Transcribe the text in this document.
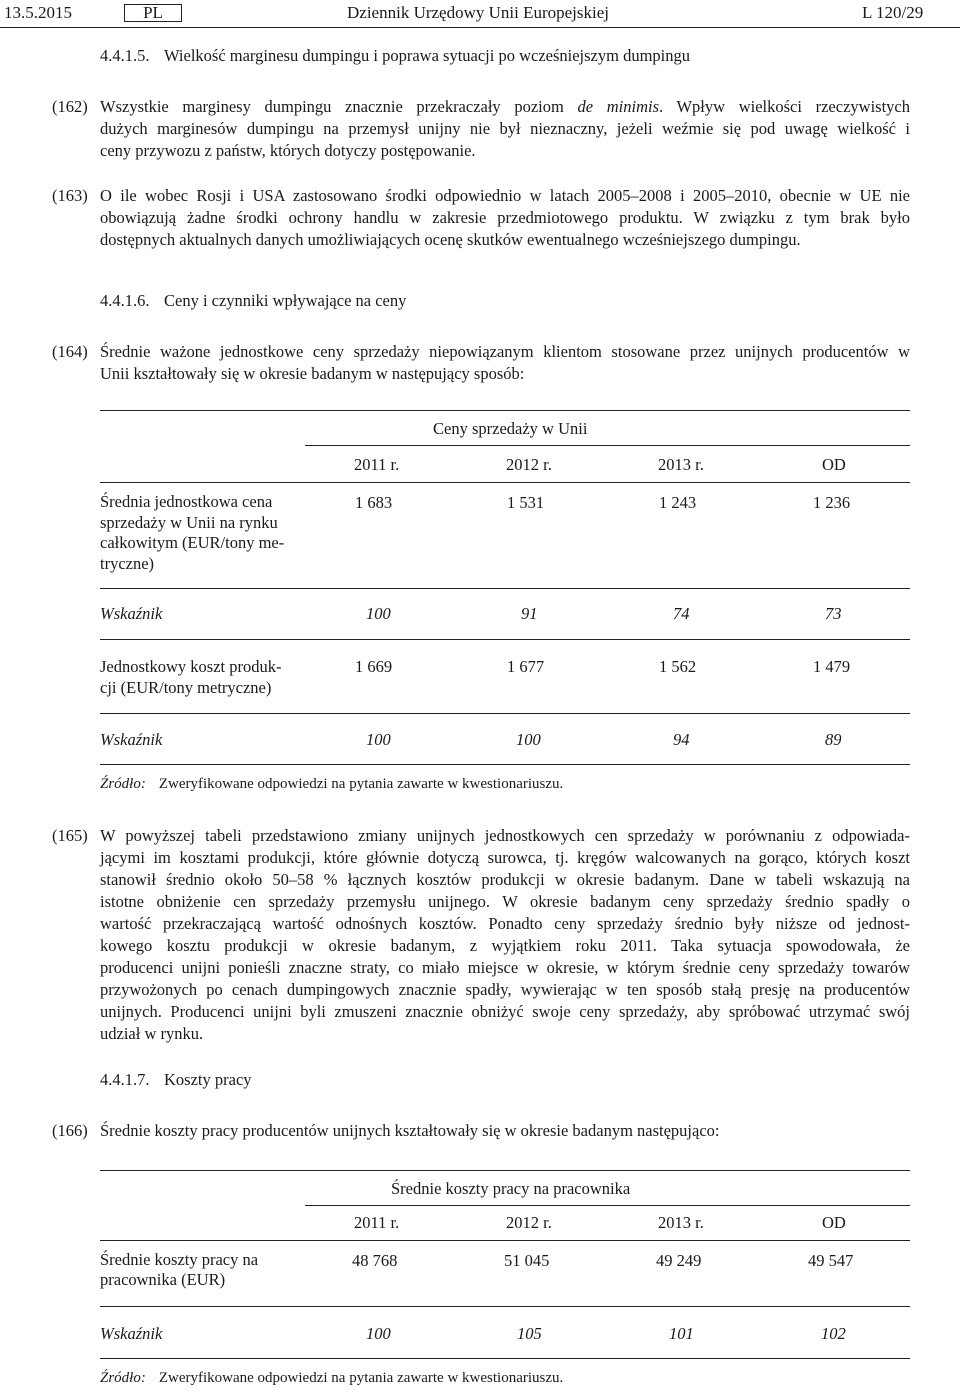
13.5.2015	PL	Dziennik Urzędowy Unii Europejskiej	L 120/29
4.4.1.5. Wielkość marginesu dumpingu i poprawa sytuacji po wcześniejszym dumpingu
(162) Wszystkie marginesy dumpingu znacznie przekraczały poziom de minimis. Wpływ wielkości rzeczywistych
dużych marginesów dumpingu na przemysł unijny nie był nieznaczny, jeżeli weźmie się pod uwagę wielkość i
ceny przywozu z państw, których dotyczy postępowanie.
(163) O ile wobec Rosji i USA zastosowano środki odpowiednio w latach 2005–2008 i 2005–2010, obecnie w UE nie
obowiązują żadne środki ochrony handlu w zakresie przedmiotowego produktu. W związku z tym brak było
dostępnych aktualnych danych umożliwiających ocenę skutków ewentualnego wcześniejszego dumpingu.
4.4.1.6. Ceny i czynniki wpływające na ceny
(164) Średnie ważone jednostkowe ceny sprzedaży niepowiązanym klientom stosowane przez unijnych producentów w
Unii kształtowały się w okresie badanym w następujący sposób:
Ceny sprzedaży w Unii
2011 r.	2012 r.	2013 r.	OD
Średnia jednostkowa cena
sprzedaży w Unii na rynku
całkowitym (EUR/tony me-
tryczne)
1 683	1 531	1 243	1 236
Wskaźnik	100	91	74	73
Jednostkowy koszt produk-
cji (EUR/tony metryczne)
1 669	1 677	1 562	1 479
Wskaźnik	100	100	94	89
Źródło: Zweryfikowane odpowiedzi na pytania zawarte w kwestionariuszu.
(165) W powyższej tabeli przedstawiono zmiany unijnych jednostkowych cen sprzedaży w porównaniu z odpowiada-
jącymi im kosztami produkcji, które głównie dotyczą surowca, tj. kręgów walcowanych na gorąco, których koszt
stanowił średnio około 50–58 % łącznych kosztów produkcji w okresie badanym. Dane w tabeli wskazują na
istotne obniżenie cen sprzedaży przemysłu unijnego. W okresie badanym ceny sprzedaży średnio spadły o
wartość przekraczającą wartość odnośnych kosztów. Ponadto ceny sprzedaży średnio były niższe od jednost-
kowego kosztu produkcji w okresie badanym, z wyjątkiem roku 2011. Taka sytuacja spowodowała, że
producenci unijni ponieśli znaczne straty, co miało miejsce w okresie, w którym średnie ceny sprzedaży towarów
przywożonych po cenach dumpingowych znacznie spadły, wywierając w ten sposób stałą presję na producentów
unijnych. Producenci unijni byli zmuszeni znacznie obniżyć swoje ceny sprzedaży, aby spróbować utrzymać swój
udział w rynku.
4.4.1.7. Koszty pracy
(166) Średnie koszty pracy producentów unijnych kształtowały się w okresie badanym następująco:
Średnie koszty pracy na pracownika
2011 r.	2012 r.	2013 r.	OD
Średnie koszty pracy na
pracownika (EUR)
48 768	51 045	49 249	49 547
Wskaźnik	100	105	101	102
Źródło: Zweryfikowane odpowiedzi na pytania zawarte w kwestionariuszu.
